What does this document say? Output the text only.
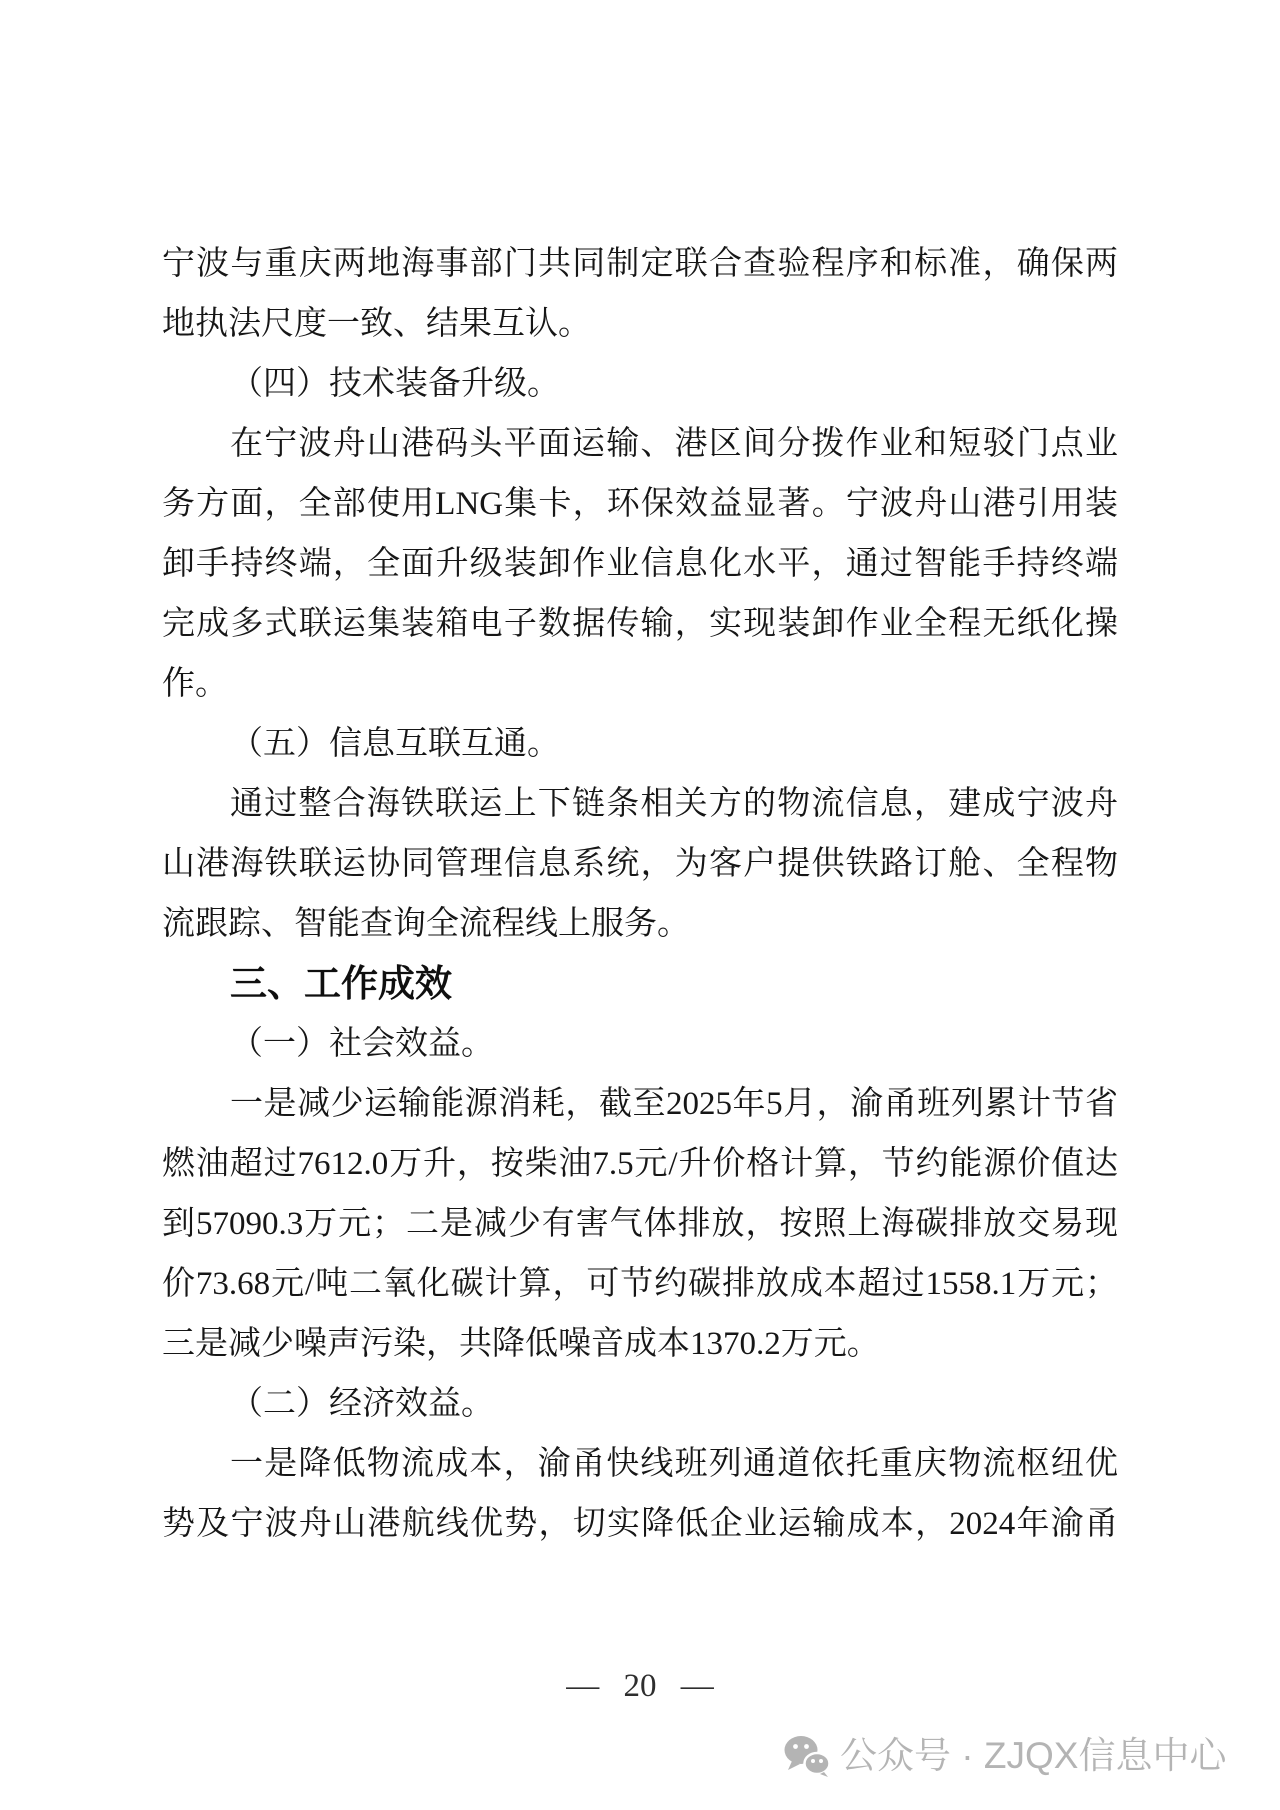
宁波与重庆两地海事部门共同制定联合查验程序和标准，确保两
地执法尺度一致、结果互认。
（四）技术装备升级。
在宁波舟山港码头平面运输、港区间分拨作业和短驳门点业
务方面，全部使用LNG集卡，环保效益显著。宁波舟山港引用装
卸手持终端，全面升级装卸作业信息化水平，通过智能手持终端
完成多式联运集装箱电子数据传输，实现装卸作业全程无纸化操
作。
（五）信息互联互通。
通过整合海铁联运上下链条相关方的物流信息，建成宁波舟
山港海铁联运协同管理信息系统，为客户提供铁路订舱、全程物
流跟踪、智能查询全流程线上服务。
三、工作成效
（一）社会效益。
一是减少运输能源消耗，截至2025年5月，渝甬班列累计节省
燃油超过7612.0万升，按柴油7.5元/升价格计算，节约能源价值达
到57090.3万元；二是减少有害气体排放，按照上海碳排放交易现
价73.68元/吨二氧化碳计算，可节约碳排放成本超过1558.1万元；
三是减少噪声污染，共降低噪音成本1370.2万元。
（二）经济效益。
一是降低物流成本，渝甬快线班列通道依托重庆物流枢纽优
势及宁波舟山港航线优势，切实降低企业运输成本，2024年渝甬
— 20 —
公众号 · ZJQX信息中心
